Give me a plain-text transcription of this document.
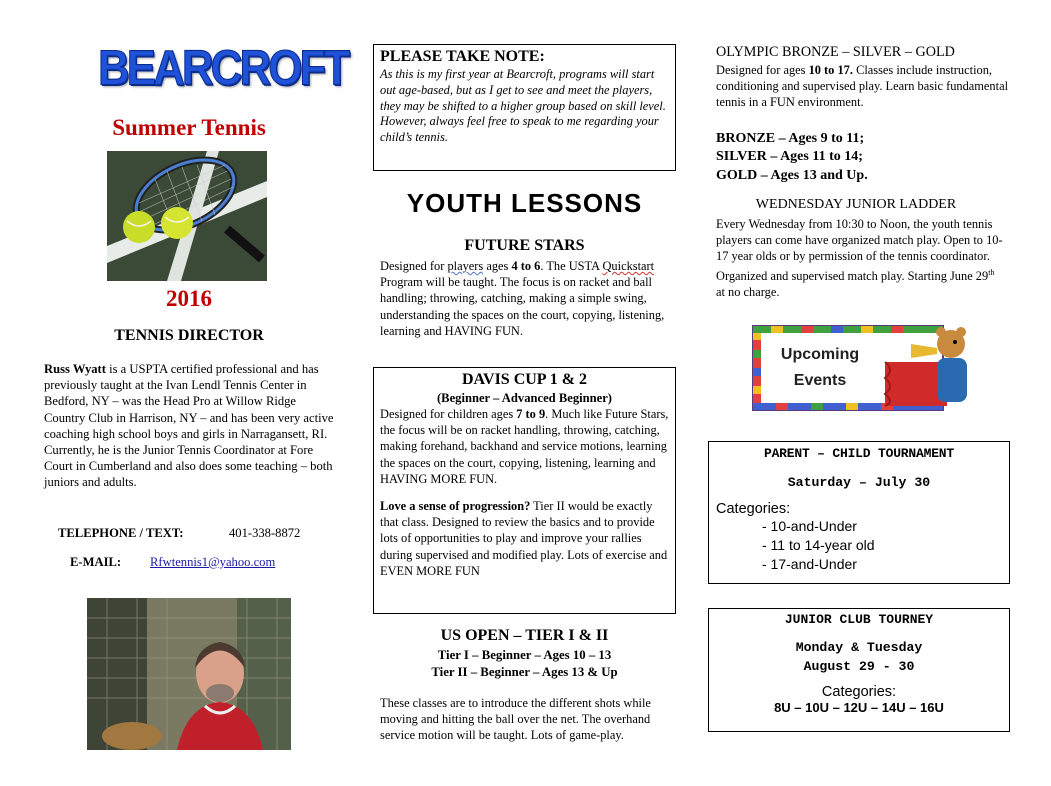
BEARCROFT
Summer Tennis
2016
TENNIS DIRECTOR
Russ Wyatt is a USPTA certified professional and has previously taught at the Ivan Lendl Tennis Center in Bedford, NY – was the Head Pro at Willow Ridge Country Club in Harrison, NY – and has been very active coaching high school boys and girls in Narragansett, RI. Currently, he is the Junior Tennis Coordinator at Fore Court in Cumberland and also does some teaching – both juniors and adults.
TELEPHONE / TEXT:	401-338-8872
E-MAIL: Rfwtennis1@yahoo.com
PLEASE TAKE NOTE:
As this is my first year at Bearcroft, programs will start out age-based, but as I get to see and meet the players, they may be shifted to a higher group based on skill level. However, always feel free to speak to me regarding your child’s tennis.
YOUTH LESSONS
FUTURE STARS
Designed for players ages 4 to 6. The USTA Quickstart Program will be taught. The focus is on racket and ball handling; throwing, catching, making a simple swing, understanding the spaces on the court, copying, listening, learning and HAVING FUN.
DAVIS CUP 1 & 2
(Beginner – Advanced Beginner)
Designed for children ages 7 to 9. Much like Future Stars, the focus will be on racket handling, throwing, catching, making forehand, backhand and service motions, learning the spaces on the court, copying, listening, learning and HAVING MORE FUN.
Love a sense of progression? Tier II would be exactly that class. Designed to review the basics and to provide lots of opportunities to play and improve your rallies during supervised and modified play. Lots of exercise and EVEN MORE FUN
US OPEN – TIER I & II
Tier I – Beginner – Ages 10 – 13
Tier II – Beginner – Ages 13 & Up
These classes are to introduce the different shots while moving and hitting the ball over the net. The overhand service motion will be taught. Lots of game-play.
OLYMPIC BRONZE – SILVER – GOLD
Designed for ages 10 to 17. Classes include instruction, conditioning and supervised play. Learn basic fundamental tennis in a FUN environment.
BRONZE – Ages 9 to 11;
SILVER – Ages 11 to 14;
GOLD – Ages 13 and Up.
WEDNESDAY JUNIOR LADDER
Every Wednesday from 10:30 to Noon, the youth tennis players can come have organized match play. Open to 10-17 year olds or by permission of the tennis coordinator. Organized and supervised match play. Starting June 29th at no charge.
Upcoming
Events
PARENT – CHILD TOURNAMENT
Saturday – July 30
Categories:
- 10-and-Under
- 11 to 14-year old
- 17-and-Under
JUNIOR CLUB TOURNEY
Monday & Tuesday
August 29 - 30
Categories:
8U – 10U – 12U – 14U – 16U
